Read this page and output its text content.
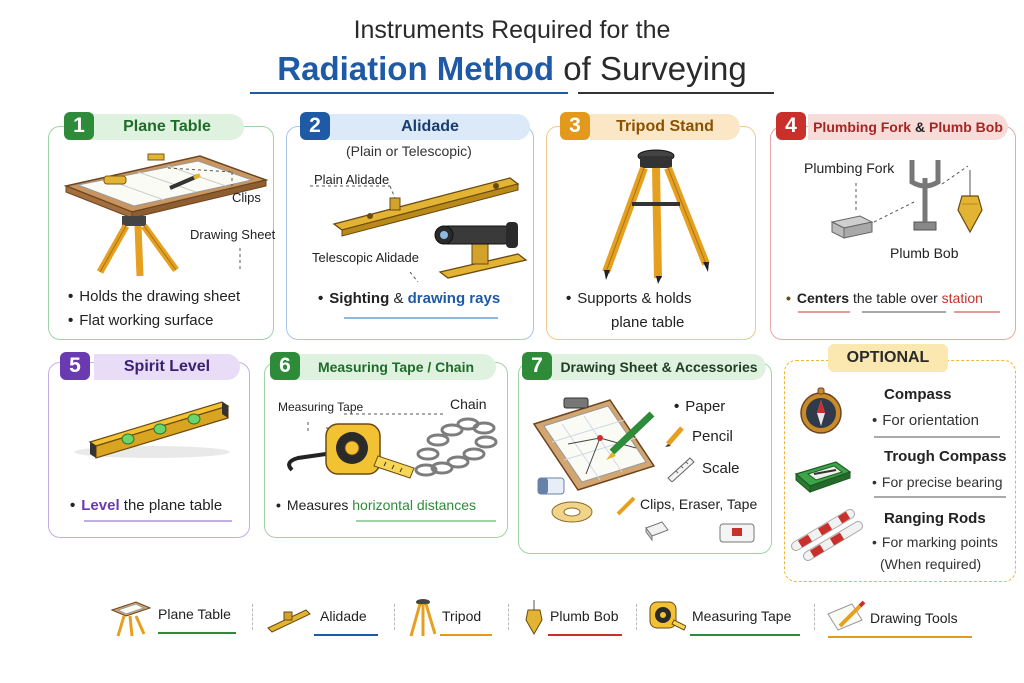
Instruments Required for the
Radiation Method of Surveying
Plane Table
1
Clips
Drawing Sheet
• Holds the drawing sheet
• Flat working surface
Alidade
2
(Plain or Telescopic)
Plain Alidade
Telescopic Alidade
• Sighting & drawing rays
Tripod Stand
3
• Supports & holds
plane table
Plumbing Fork & Plumb Bob
4
Plumbing Fork
Plumb Bob
• Centers the table over station
Spirit Level
5
• Level the plane table
Measuring Tape / Chain
6
Measuring Tape	Chain
• Measures horizontal distances
Drawing Sheet & Accessories
7
• Paper
Pencil
Scale
Clips, Eraser, Tape
OPTIONAL
Compass
• For orientation
Trough Compass
• For precise bearing
Ranging Rods
• For marking points
(When required)
Plane Table	Alidade	Tripod	Plumb Bob	Measuring Tape	Drawing Tools
